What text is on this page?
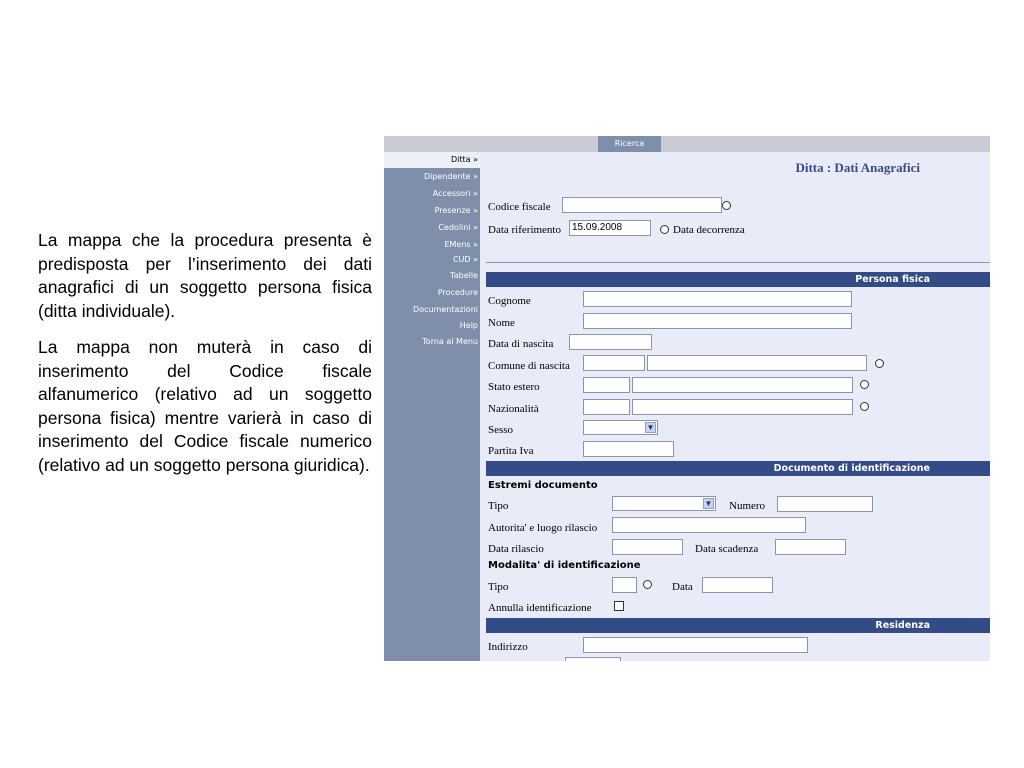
La mappa che la procedura presenta è predisposta per l’inserimento dei dati anagrafici di un soggetto persona fisica (ditta individuale).

La mappa non muterà in caso di inserimento del Codice fiscale alfanumerico (relativo ad un soggetto persona fisica) mentre varierà in caso di inserimento del Codice fiscale numerico (relativo ad un soggetto persona giuridica).

Ricerca
Ditta »
Dipendente »
Accessori »
Presenze »
Cedolini »
EMens »
CUD »
Tabelle
Procedure
Documentazioni
Help
Torna al Menu
Ditta : Dati Anagrafici
Codice fiscale
Data riferimento	15.09.2008	Data decorrenza
Persona fisica
Cognome
Nome
Data di nascita
Comune di nascita
Stato estero
Nazionalità
Sesso	▼
Partita Iva
Documento di identificazione
Estremi documento
Tipo	▼ Numero
Autorita' e luogo rilascio
Data rilascio	Data scadenza
Modalita' di identificazione
Tipo	Data
Annulla identificazione
Residenza
Indirizzo
